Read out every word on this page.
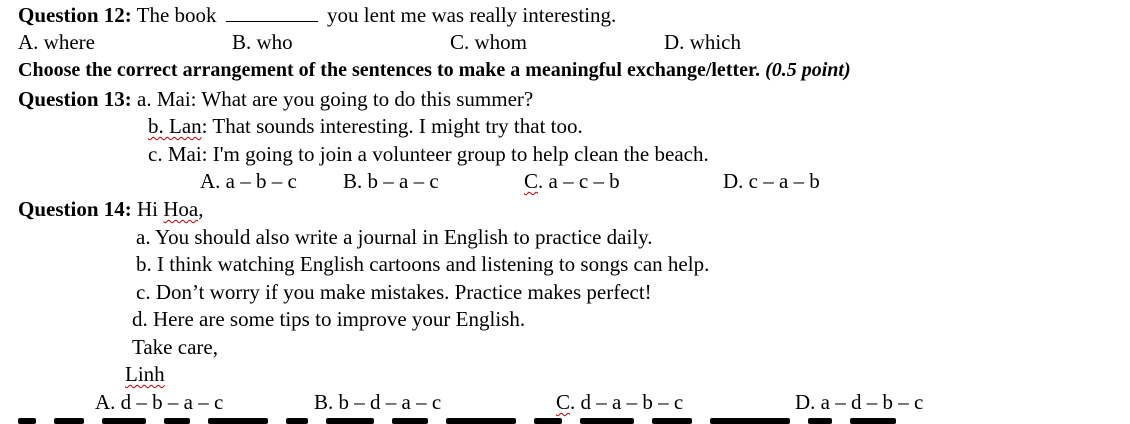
Question 12: The book	you lent me was really interesting.
A. where	B. who	C. whom	D. which
Choose the correct arrangement of the sentences to make a meaningful exchange/letter. (0.5 point)
Question 13: a. Mai: What are you going to do this summer?
b. Lan: That sounds interesting. I might try that too.
c. Mai: I'm going to join a volunteer group to help clean the beach.
A. a – b – c B. b – a – c	C. a – c – b	D. c – a – b
Question 14: Hi Hoa,
a. You should also write a journal in English to practice daily.
b. I think watching English cartoons and listening to songs can help.
c. Don’t worry if you make mistakes. Practice makes perfect!
d. Here are some tips to improve your English.
Take care,
Linh
A. d – b – a – c	B. b – d – a – c	C. d – a – b – c	D. a – d – b – c
